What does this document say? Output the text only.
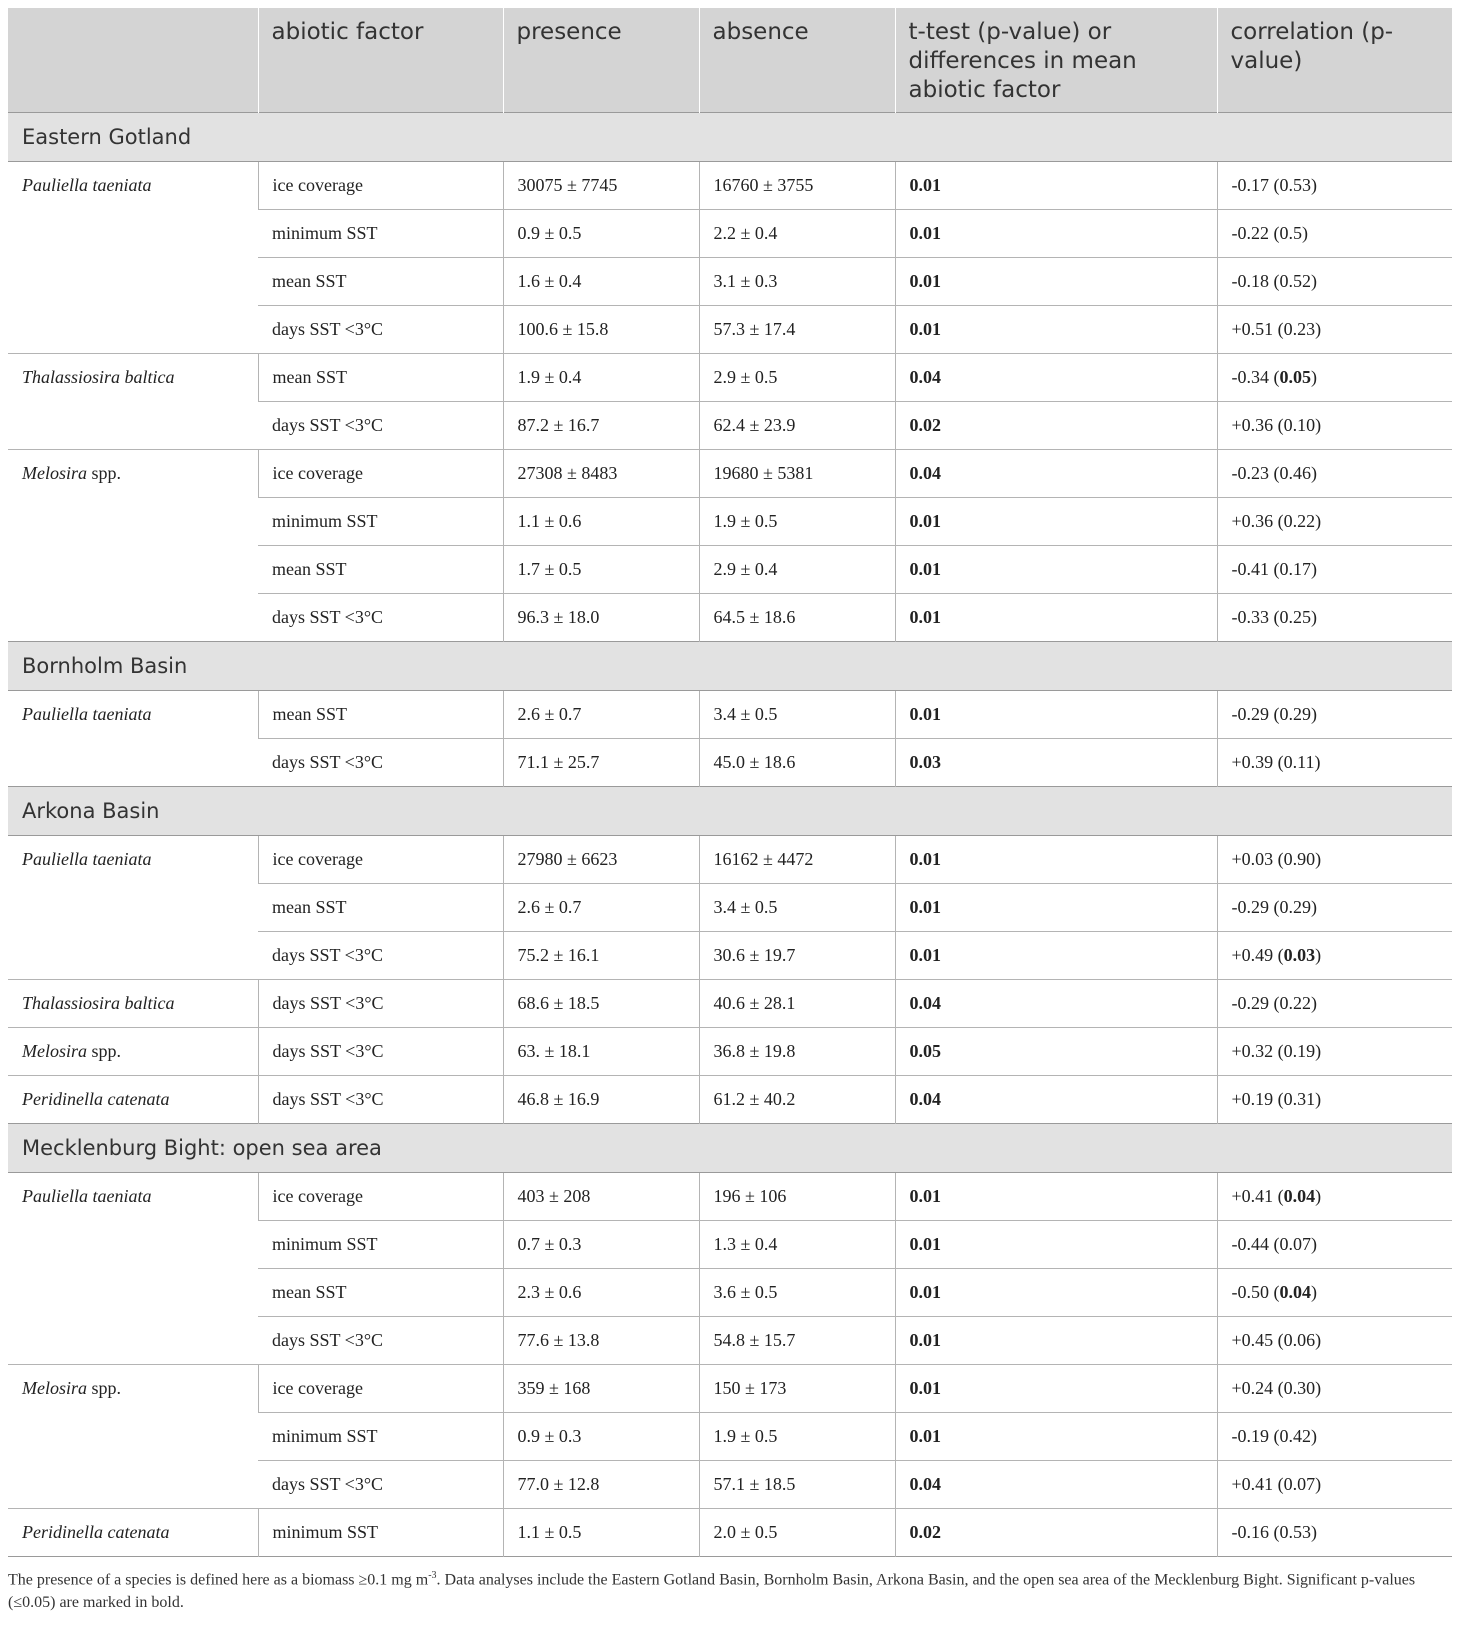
	abiotic factor	presence	absence	t-test (p-value) or differences in mean abiotic factor	correlation (p-value)
Eastern Gotland					
Pauliella taeniata	ice coverage	30075 ± 7745	16760 ± 3755	0.01	-0.17 (0.53)
	minimum SST	0.9 ± 0.5	2.2 ± 0.4	0.01	-0.22 (0.5)
	mean SST	1.6 ± 0.4	3.1 ± 0.3	0.01	-0.18 (0.52)
	days SST <3°C	100.6 ± 15.8	57.3 ± 17.4	0.01	+0.51 (0.23)
Thalassiosira baltica	mean SST	1.9 ± 0.4	2.9 ± 0.5	0.04	-0.34 (0.05)
	days SST <3°C	87.2 ± 16.7	62.4 ± 23.9	0.02	+0.36 (0.10)
Melosira spp.	ice coverage	27308 ± 8483	19680 ± 5381	0.04	-0.23 (0.46)
	minimum SST	1.1 ± 0.6	1.9 ± 0.5	0.01	+0.36 (0.22)
	mean SST	1.7 ± 0.5	2.9 ± 0.4	0.01	-0.41 (0.17)
	days SST <3°C	96.3 ± 18.0	64.5 ± 18.6	0.01	-0.33 (0.25)
Bornholm Basin					
Pauliella taeniata	mean SST	2.6 ± 0.7	3.4 ± 0.5	0.01	-0.29 (0.29)
	days SST <3°C	71.1 ± 25.7	45.0 ± 18.6	0.03	+0.39 (0.11)
Arkona Basin					
Pauliella taeniata	ice coverage	27980 ± 6623	16162 ± 4472	0.01	+0.03 (0.90)
	mean SST	2.6 ± 0.7	3.4 ± 0.5	0.01	-0.29 (0.29)
	days SST <3°C	75.2 ± 16.1	30.6 ± 19.7	0.01	+0.49 (0.03)
Thalassiosira baltica	days SST <3°C	68.6 ± 18.5	40.6 ± 28.1	0.04	-0.29 (0.22)
Melosira spp.	days SST <3°C	63. ± 18.1	36.8 ± 19.8	0.05	+0.32 (0.19)
Peridinella catenata	days SST <3°C	46.8 ± 16.9	61.2 ± 40.2	0.04	+0.19 (0.31)
Mecklenburg Bight: open sea area					
Pauliella taeniata	ice coverage	403 ± 208	196 ± 106	0.01	+0.41 (0.04)
	minimum SST	0.7 ± 0.3	1.3 ± 0.4	0.01	-0.44 (0.07)
	mean SST	2.3 ± 0.6	3.6 ± 0.5	0.01	-0.50 (0.04)
	days SST <3°C	77.6 ± 13.8	54.8 ± 15.7	0.01	+0.45 (0.06)
Melosira spp.	ice coverage	359 ± 168	150 ± 173	0.01	+0.24 (0.30)
	minimum SST	0.9 ± 0.3	1.9 ± 0.5	0.01	-0.19 (0.42)
	days SST <3°C	77.0 ± 12.8	57.1 ± 18.5	0.04	+0.41 (0.07)
Peridinella catenata	minimum SST	1.1 ± 0.5	2.0 ± 0.5	0.02	-0.16 (0.53)
The presence of a species is defined here as a biomass ≥0.1 mg $m^{-3}$. Data analyses include the Eastern Gotland Basin, Bornholm Basin, Arkona Basin, and the open sea area of the Mecklenburg Bight. Significant p-values (≤0.05) are marked in bold.
